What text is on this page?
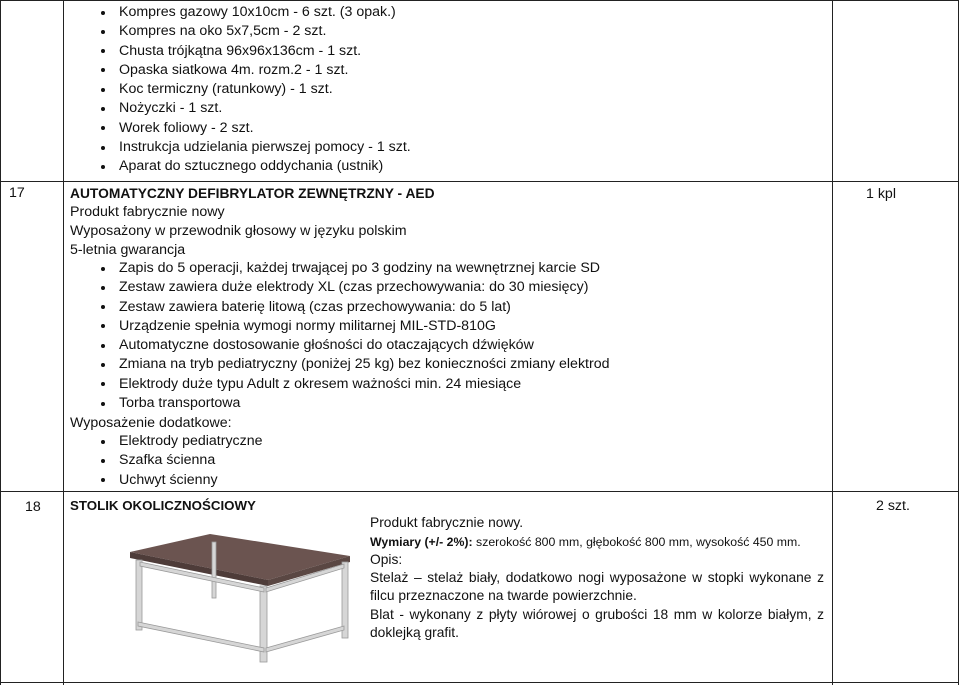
Kompres gazowy 10x10cm - 6 szt. (3 opak.)
Kompres na oko 5x7,5cm - 2 szt.
Chusta trójkątna 96x96x136cm - 1 szt.
Opaska siatkowa 4m. rozm.2 - 1 szt.
Koc termiczny (ratunkowy) - 1 szt.
Nożyczki - 1 szt.
Worek foliowy - 2 szt.
Instrukcja udzielania pierwszej pomocy - 1 szt.
Aparat do sztucznego oddychania (ustnik)
17	AUTOMATYCZNY DEFIBRYLATOR ZEWNĘTRZNY - AED
Produkt fabrycznie nowy
Wyposażony w przewodnik głosowy w języku polskim
5-letnia gwarancja
Zapis do 5 operacji, każdej trwającej po 3 godziny na wewnętrznej karcie SD
Zestaw zawiera duże elektrody XL (czas przechowywania: do 30 miesięcy)
Zestaw zawiera baterię litową (czas przechowywania: do 5 lat)
Urządzenie spełnia wymogi normy militarnej MIL-STD-810G
Automatyczne dostosowanie głośności do otaczających dźwięków
Zmiana na tryb pediatryczny (poniżej 25 kg) bez konieczności zmiany elektrod
Elektrody duże typu Adult z okresem ważności min. 24 miesiące
Torba transportowa
Wyposażenie dodatkowe:
Elektrody pediatryczne
Szafka ścienna
Uchwyt ścienny
1 kpl
18 STOLIK OKOLICZNOŚCIOWY	2 szt.

Produkt fabrycznie nowy.

Wymiary (+/- 2%): szerokość 800 mm, głębokość 800 mm, wysokość 450 mm.

Opis:

Stelaż – stelaż biały, dodatkowo nogi wyposażone w stopki wykonane z filcu przeznaczone na twarde powierzchnie.

Blat - wykonany z płyty wiórowej o grubości 18 mm w kolorze białym, z doklejką grafit.
